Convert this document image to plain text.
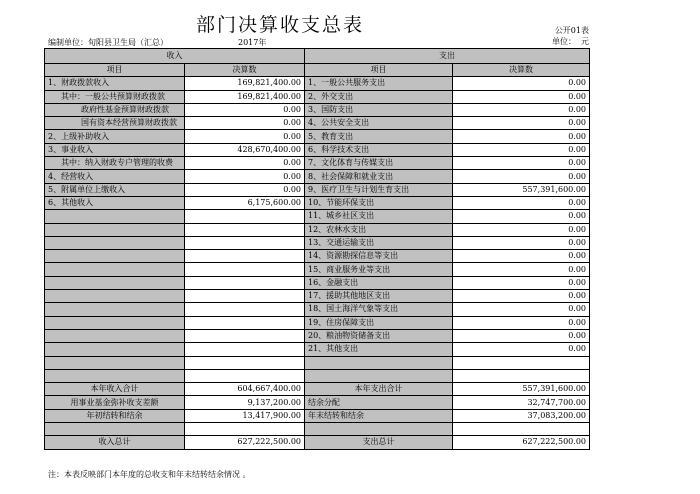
部门决算收支总表	公开01表
单位： 元
编制单位：旬阳县卫生局（汇总）	2017年
收入		支出	
项目	决算数	项目	决算数
1、财政拨款收入	169,821,400.00	1、一般公共服务支出	0.00
其中：一般公共预算财政拨款	169,821,400.00	2、外交支出	0.00
政府性基金预算财政拨款	0.00	3、国防支出	0.00
国有资本经营预算财政拨款	0.00	4、公共安全支出	0.00
2、上级补助收入	0.00	5、教育支出	0.00
3、事业收入	428,670,400.00	6、科学技术支出	0.00
其中：纳入财政专户管理的收费	0.00	7、文化体育与传媒支出	0.00
4、经营收入	0.00	8、社会保障和就业支出	0.00
5、附属单位上缴收入	0.00	9、医疗卫生与计划生育支出	557,391,600.00
6、其他收入	6,175,600.00	10、节能环保支出	0.00
		11、城乡社区支出	0.00
		12、农林水支出	0.00
		13、交通运输支出	0.00
		14、资源勘探信息等支出	0.00
		15、商业服务业等支出	0.00
		16、金融支出	0.00
		17、援助其他地区支出	0.00
		18、国土海洋气象等支出	0.00
		19、住房保障支出	0.00
		20、粮油物资储备支出	0.00
		21、其他支出	0.00

本年收入合计	604,667,400.00	本年支出合计	557,391,600.00
用事业基金弥补收支差额	9,137,200.00	结余分配	32,747,700.00
年初结转和结余	13,417,900.00	年末结转和结余	37,083,200.00

收入总计	627,222,500.00	支出总计	627,222,500.00
注：本表反映部门本年度的总收支和年末结转结余情况 。
